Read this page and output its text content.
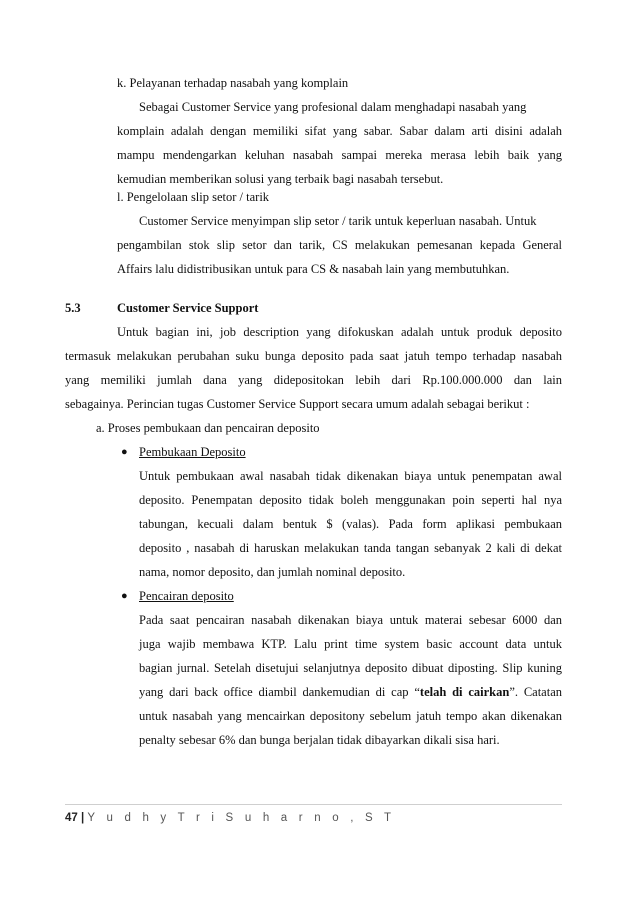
k. Pelayanan terhadap nasabah yang komplain
Sebagai Customer Service yang profesional dalam menghadapi nasabah yang
komplain adalah dengan memiliki sifat yang sabar. Sabar dalam arti disini adalah
mampu mendengarkan keluhan nasabah sampai mereka merasa lebih baik yang
kemudian memberikan solusi yang terbaik bagi nasabah tersebut.
l. Pengelolaan slip setor / tarik
Customer Service menyimpan slip setor / tarik untuk keperluan nasabah. Untuk
pengambilan stok slip setor dan tarik, CS melakukan pemesanan kepada General
Affairs lalu didistribusikan untuk para CS & nasabah lain yang membutuhkan.
5.3	Customer Service Support
Untuk bagian ini, job description yang difokuskan adalah untuk produk deposito
termasuk melakukan perubahan suku bunga deposito pada saat jatuh tempo terhadap nasabah
yang memiliki jumlah dana yang didepositokan lebih dari Rp.100.000.000 dan lain
sebagainya. Perincian tugas Customer Service Support secara umum adalah sebagai berikut :
a. Proses pembukaan dan pencairan deposito
● Pembukaan Deposito
Untuk pembukaan awal nasabah tidak dikenakan biaya untuk penempatan awal
deposito. Penempatan deposito tidak boleh menggunakan poin seperti hal nya
tabungan, kecuali dalam bentuk $ (valas). Pada form aplikasi pembukaan
deposito , nasabah di haruskan melakukan tanda tangan sebanyak 2 kali di dekat
nama, nomor deposito, dan jumlah nominal deposito.
● Pencairan deposito
Pada saat pencairan nasabah dikenakan biaya untuk materai sebesar 6000 dan
juga wajib membawa KTP. Lalu print time system basic account data untuk
bagian jurnal. Setelah disetujui selanjutnya deposito dibuat diposting. Slip kuning
yang dari back office diambil dankemudian di cap “telah di cairkan”. Catatan
untuk nasabah yang mencairkan depositony sebelum jatuh tempo akan dikenakan
penalty sebesar 6% dan bunga berjalan tidak dibayarkan dikali sisa hari.
47 | Y u d h y T r i S u h a r n o , S T
